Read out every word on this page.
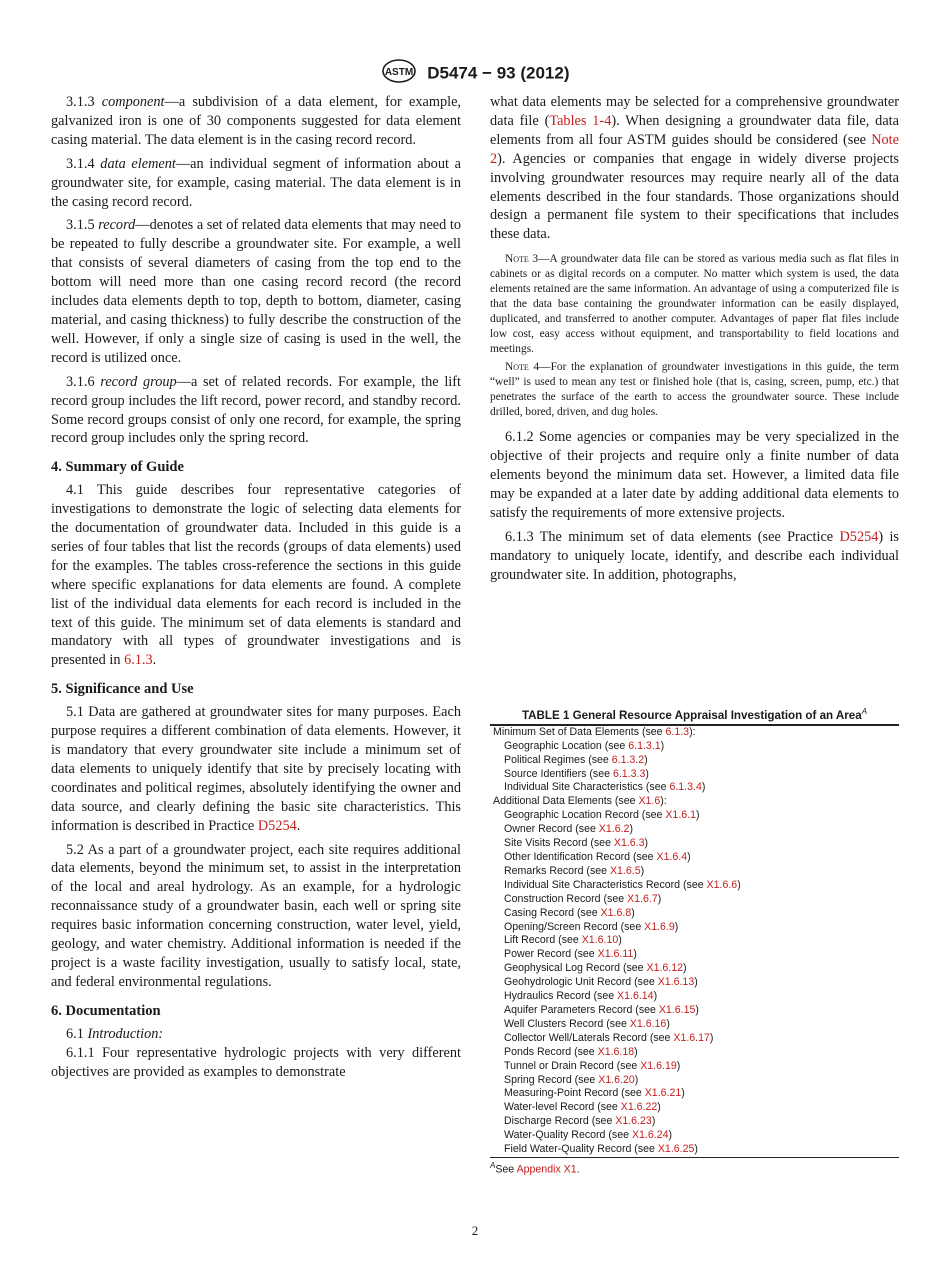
ASTM D5474 − 93 (2012)

3.1.3 component—a subdivision of a data element, for example, galvanized iron is one of 30 components suggested for data element casing material. The data element is in the casing record record.

3.1.4 data element—an individual segment of information about a groundwater site, for example, casing material. The data element is in the casing record record.

3.1.5 record—denotes a set of related data elements that may need to be repeated to fully describe a groundwater site. For example, a well that consists of several diameters of casing from the top end to the bottom will need more than one casing record record (the record includes data elements depth to top, depth to bottom, diameter, casing material, and casing thickness) to fully describe the construction of the well. However, if only a single size of casing is used in the well, the record is utilized once.

3.1.6 record group—a set of related records. For example, the lift record group includes the lift record, power record, and standby record. Some record groups consist of only one record, for example, the spring record group includes only the spring record.

4. Summary of Guide

4.1 This guide describes four representative categories of investigations to demonstrate the logic of selecting data elements for the documentation of groundwater data. Included in this guide is a series of four tables that list the records (groups of data elements) used for the examples. The tables cross-reference the sections in this guide where specific explanations for data elements are found. A complete list of the individual data elements for each record is included in the text of this guide. The minimum set of data elements is standard and mandatory with all types of groundwater investigations and is presented in 6.1.3.

5. Significance and Use

5.1 Data are gathered at groundwater sites for many purposes. Each purpose requires a different combination of data elements. However, it is mandatory that every groundwater site include a minimum set of data elements to uniquely identify that site by precisely locating with coordinates and political regimes, absolutely identifying the owner and data source, and clearly defining the basic site characteristics. This information is described in Practice D5254.

5.2 As a part of a groundwater project, each site requires additional data elements, beyond the minimum set, to assist in the interpretation of the local and areal hydrology. As an example, for a hydrologic reconnaissance study of a groundwater basin, each well or spring site requires basic information concerning construction, water level, yield, geology, and water chemistry. Additional information is needed if the project is a waste facility investigation, usually to satisfy local, state, and federal environmental regulations.

6. Documentation

6.1 Introduction:

6.1.1 Four representative hydrologic projects with very different objectives are provided as examples to demonstrate

what data elements may be selected for a comprehensive groundwater data file (Tables 1-4). When designing a groundwater data file, data elements from all four ASTM guides should be considered (see Note 2). Agencies or companies that engage in widely diverse projects involving groundwater resources may require nearly all of the data elements described in the four standards. Those organizations should design a permanent file system to their specifications that includes these data.

Note 3—A groundwater data file can be stored as various media such as flat files in cabinets or as digital records on a computer. No matter which system is used, the data elements retained are the same information. An advantage of using a computerized file is that the data base containing the groundwater information can be easily displayed, duplicated, and transferred to another computer. Advantages of paper flat files include low cost, easy access without equipment, and transportability to field locations and meetings.

Note 4—For the explanation of groundwater investigations in this guide, the term “well” is used to mean any test or finished hole (that is, casing, screen, pump, etc.) that penetrates the surface of the earth to access the groundwater source. These include drilled, bored, driven, and dug holes.

6.1.2 Some agencies or companies may be very specialized in the objective of their projects and require only a finite number of data elements beyond the minimum data set. However, a limited data file may be expanded at a later date by adding additional data elements to satisfy the requirements of more extensive projects.

6.1.3 The minimum set of data elements (see Practice D5254) is mandatory to uniquely locate, identify, and describe each individual groundwater site. In addition, photographs,

TABLE 1 General Resource Appraisal Investigation of an Area$^A$
Minimum Set of Data Elements (see 6.1.3):
Geographic Location (see 6.1.3.1)
Political Regimes (see 6.1.3.2)
Source Identifiers (see 6.1.3.3)
Individual Site Characteristics (see 6.1.3.4)
Additional Data Elements (see X1.6):
Geographic Location Record (see X1.6.1)
Owner Record (see X1.6.2)
Site Visits Record (see X1.6.3)
Other Identification Record (see X1.6.4)
Remarks Record (see X1.6.5)
Individual Site Characteristics Record (see X1.6.6)
Construction Record (see X1.6.7)
Casing Record (see X1.6.8)
Opening/Screen Record (see X1.6.9)
Lift Record (see X1.6.10)
Power Record (see X1.6.11)
Geophysical Log Record (see X1.6.12)
Geohydrologic Unit Record (see X1.6.13)
Hydraulics Record (see X1.6.14)
Aquifer Parameters Record (see X1.6.15)
Well Clusters Record (see X1.6.16)
Collector Well/Laterals Record (see X1.6.17)
Ponds Record (see X1.6.18)
Tunnel or Drain Record (see X1.6.19)
Spring Record (see X1.6.20)
Measuring-Point Record (see X1.6.21)
Water-level Record (see X1.6.22)
Discharge Record (see X1.6.23)
Water-Quality Record (see X1.6.24)
Field Water-Quality Record (see X1.6.25)
$^A$See Appendix X1.
2
